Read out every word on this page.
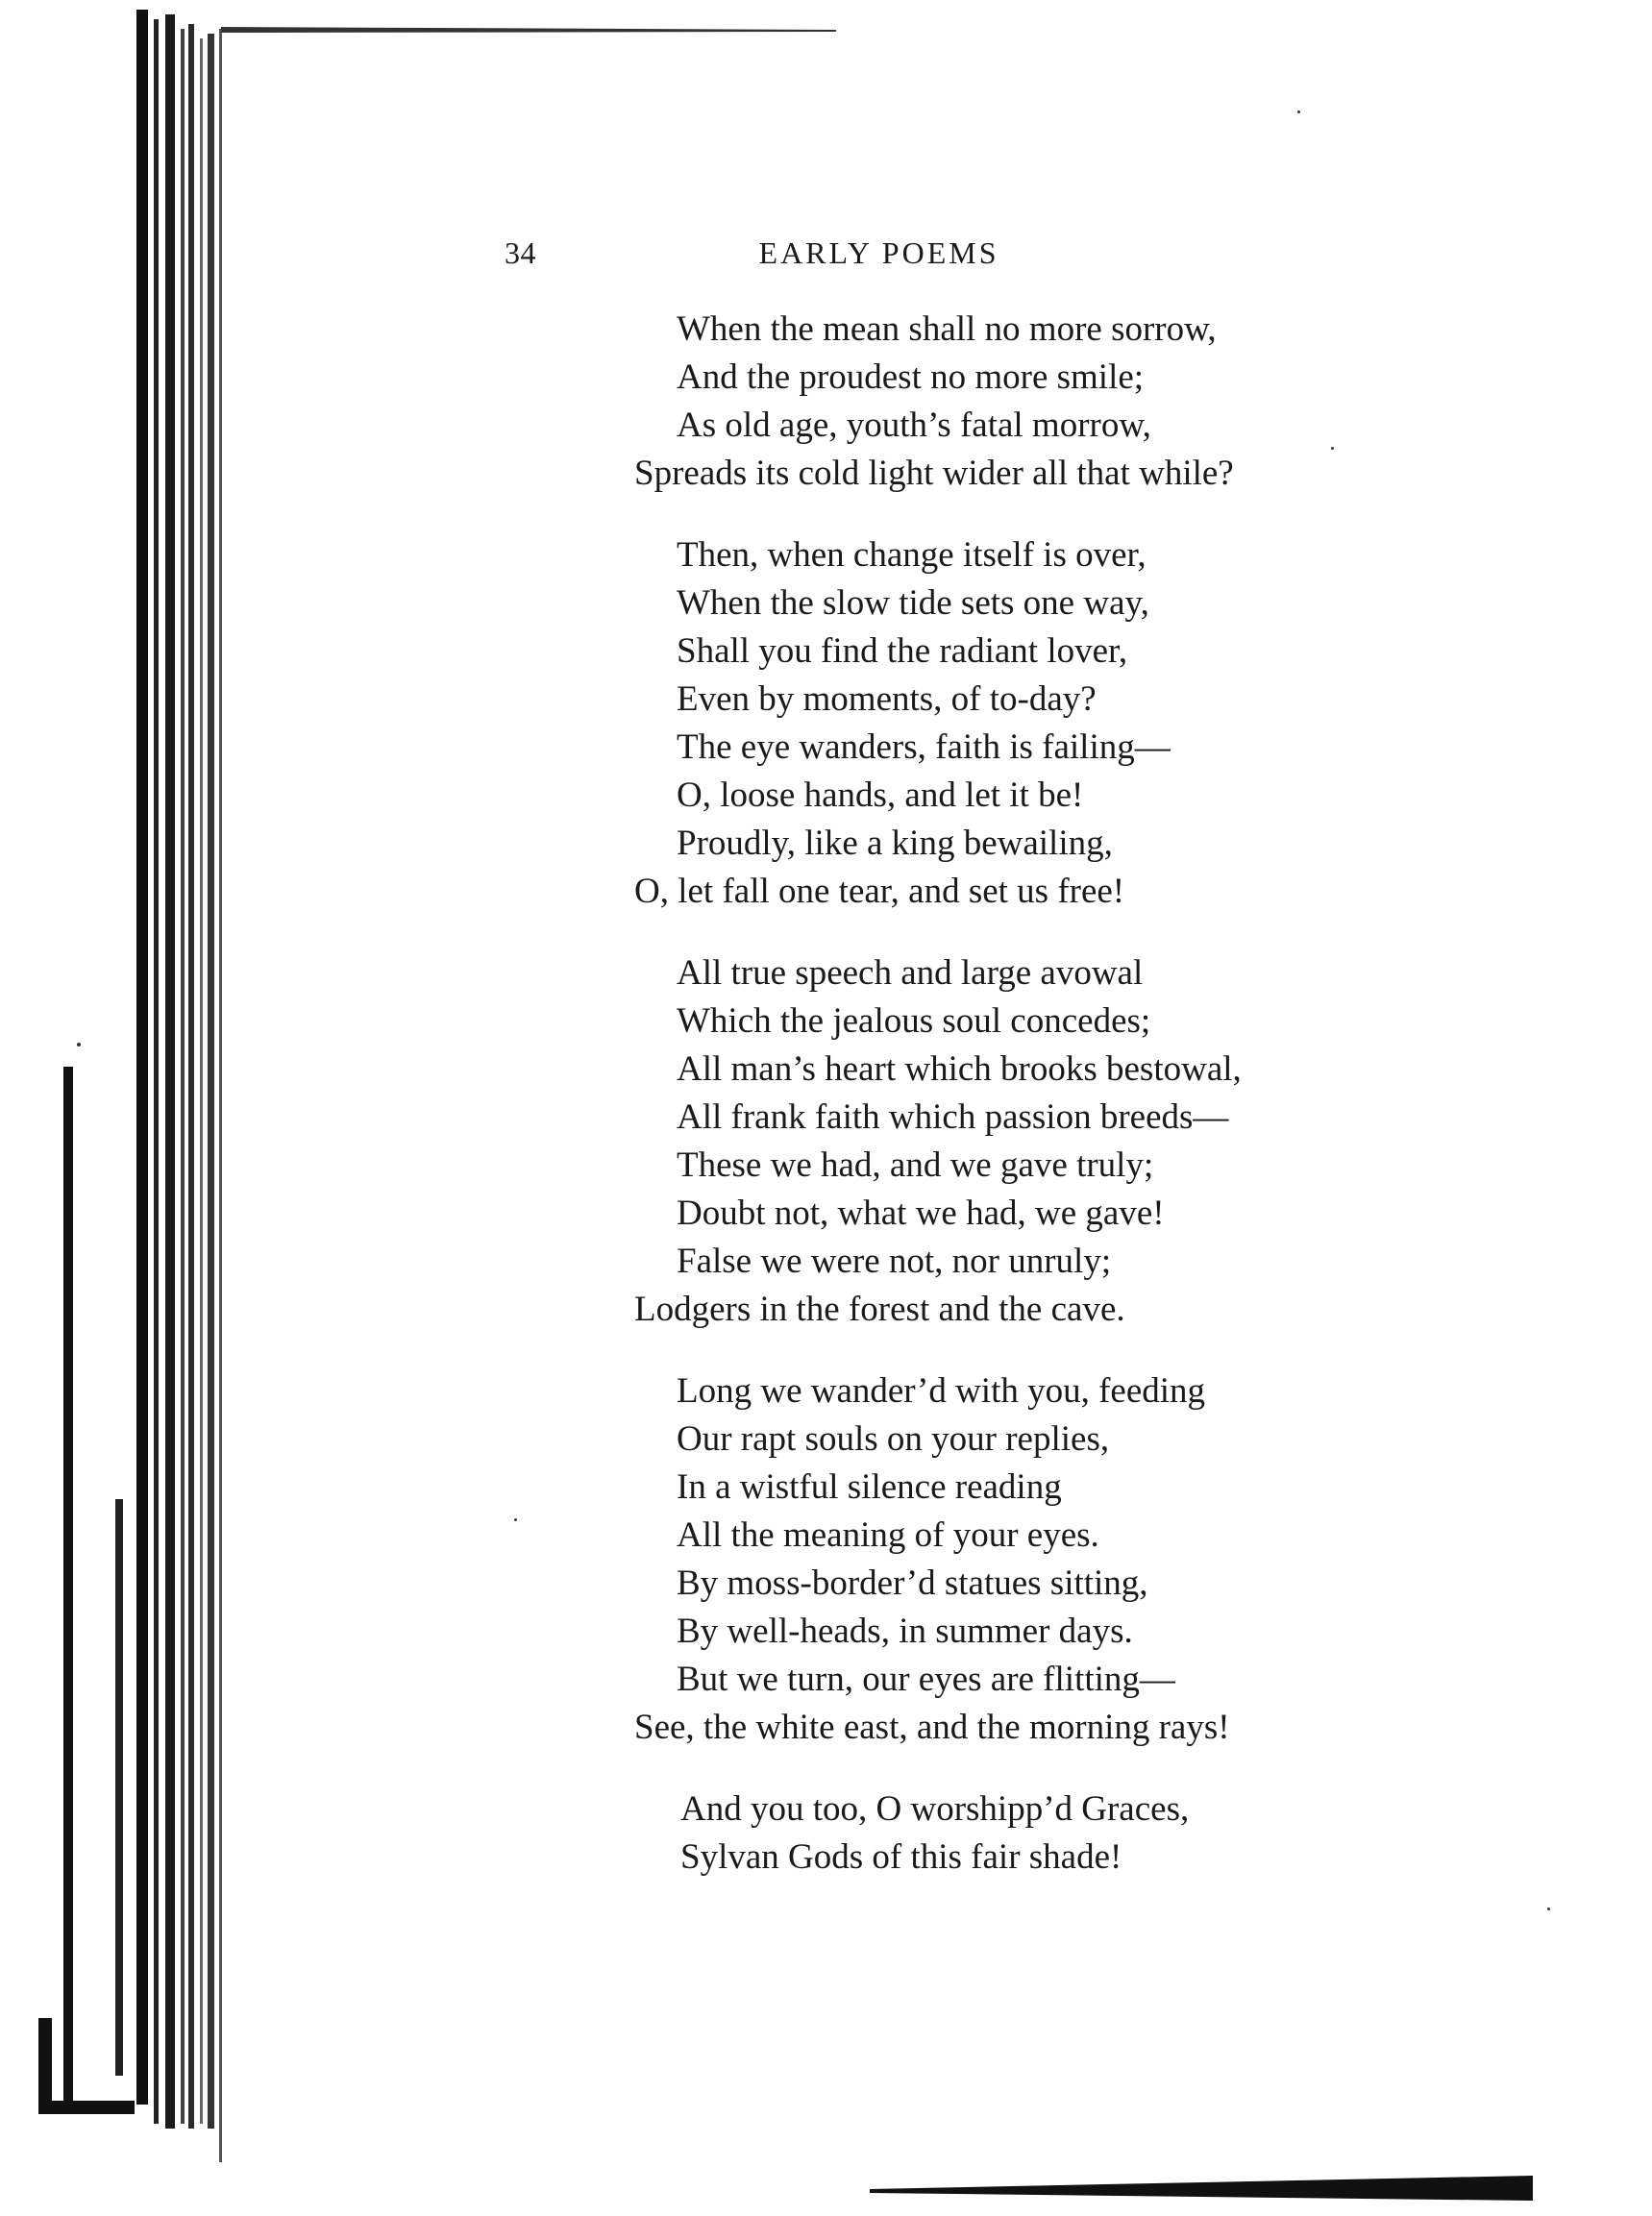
34	EARLY POEMS
When the mean shall no more sorrow,
And the proudest no more smile;
As old age, youth’s fatal morrow,
Spreads its cold light wider all that while?
Then, when change itself is over,
When the slow tide sets one way,
Shall you find the radiant lover,
Even by moments, of to-day?
The eye wanders, faith is failing—
O, loose hands, and let it be!
Proudly, like a king bewailing,
O, let fall one tear, and set us free!
All true speech and large avowal
Which the jealous soul concedes;
All man’s heart which brooks bestowal,
All frank faith which passion breeds—
These we had, and we gave truly;
Doubt not, what we had, we gave!
False we were not, nor unruly;
Lodgers in the forest and the cave.
Long we wander’d with you, feeding
Our rapt souls on your replies,
In a wistful silence reading
All the meaning of your eyes.
By moss-border’d statues sitting,
By well-heads, in summer days.
But we turn, our eyes are flitting—
See, the white east, and the morning rays!
And you too, O worshipp’d Graces,
Sylvan Gods of this fair shade!
